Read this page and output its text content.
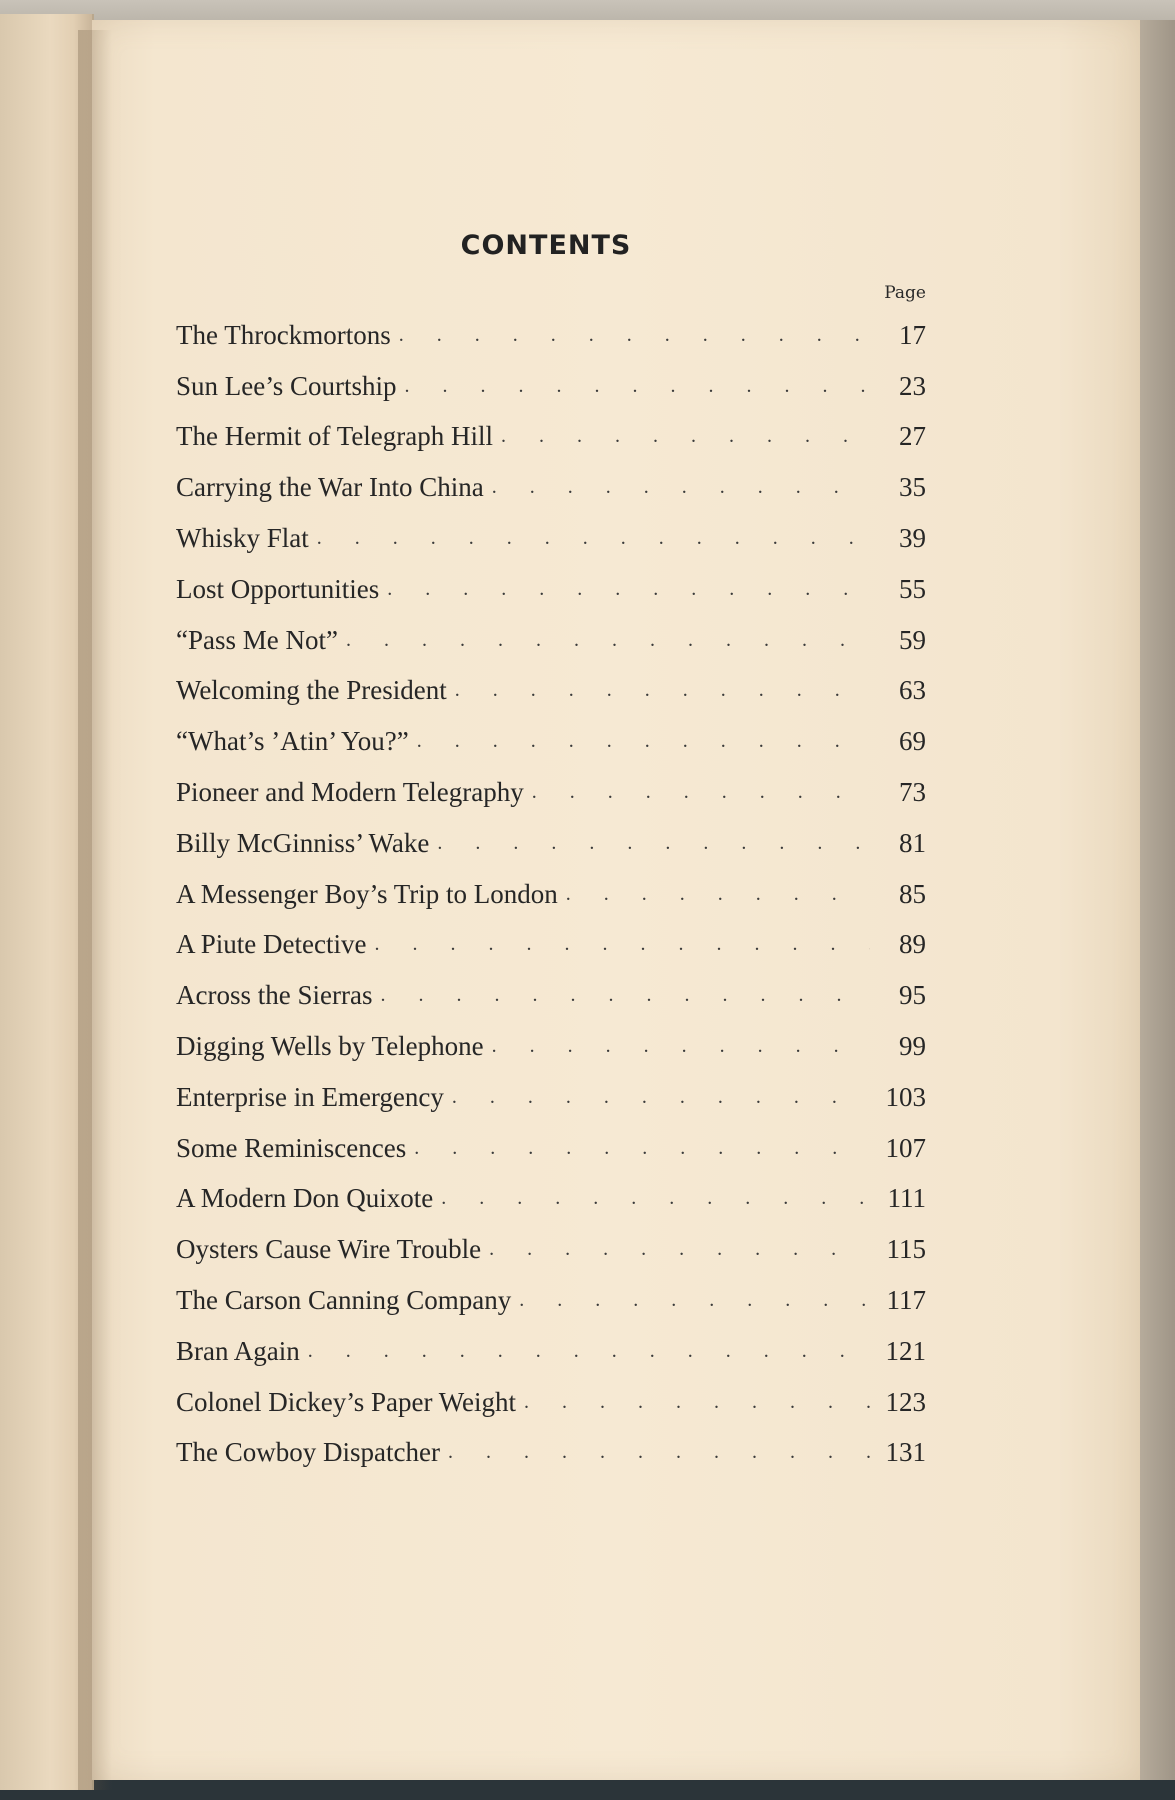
CONTENTS
Page
The Throckmortons . . .	17
Sun Lee’s Courtship . . .	23
The Hermit of Telegraph Hill . . .	27
Carrying the War Into China . . .	35
Whisky Flat . . .	39
Lost Opportunities . . .	55
“Pass Me Not” . . .	59
Welcoming the President . . .	63
“What’s ’Atin’ You?” . . .	69
Pioneer and Modern Telegraphy . . .	73
Billy McGinniss’ Wake . . .	81
A Messenger Boy’s Trip to London . . .	85
A Piute Detective . . .	89
Across the Sierras . . .	95
Digging Wells by Telephone . . .	99
Enterprise in Emergency . . .	103
Some Reminiscences . . .	107
A Modern Don Quixote . . .	111
Oysters Cause Wire Trouble . . .	115
The Carson Canning Company . . .	117
Bran Again . . .	121
Colonel Dickey’s Paper Weight . . .	123
The Cowboy Dispatcher . . .	131
